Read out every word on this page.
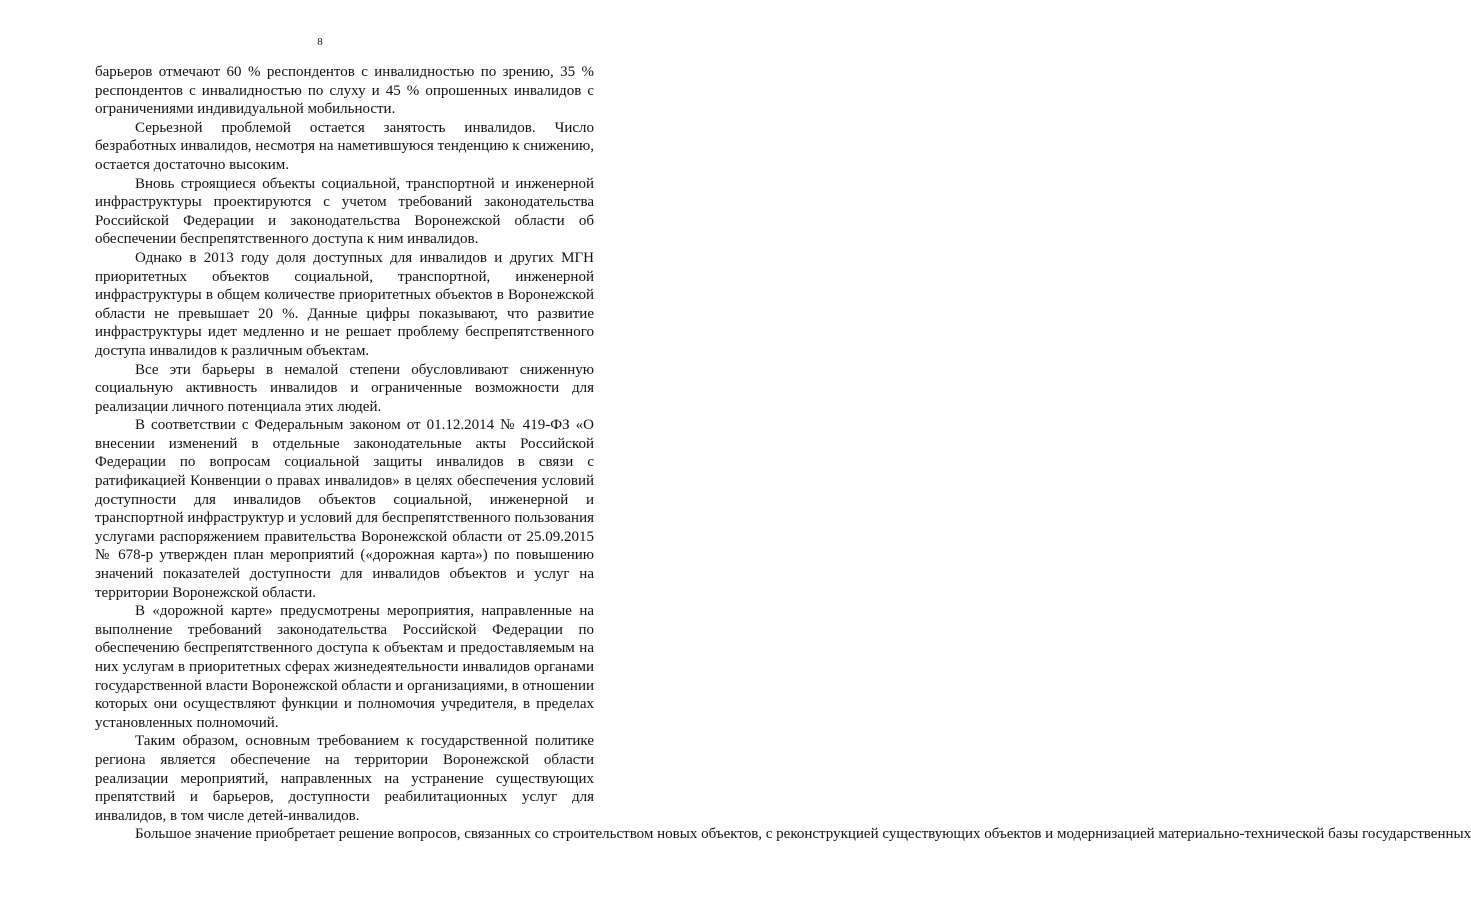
8

барьеров отмечают 60 % респондентов с инвалидностью по зрению, 35 % респондентов с инвалидностью по слуху и 45 % опрошенных инвалидов с ограничениями индивидуальной мобильности.

Серьезной проблемой остается занятость инвалидов. Число безработных инвалидов, несмотря на наметившуюся тенденцию к снижению, остается достаточно высоким.

Вновь строящиеся объекты социальной, транспортной и инженерной инфраструктуры проектируются с учетом требований законодательства Российской Федерации и законодательства Воронежской области об обеспечении беспрепятственного доступа к ним инвалидов.

Однако в 2013 году доля доступных для инвалидов и других МГН приоритетных объектов социальной, транспортной, инженерной инфраструктуры в общем количестве приоритетных объектов в Воронежской области не превышает 20 %. Данные цифры показывают, что развитие инфраструктуры идет медленно и не решает проблему беспрепятственного доступа инвалидов к различным объектам.

Все эти барьеры в немалой степени обусловливают сниженную социальную активность инвалидов и ограниченные возможности для реализации личного потенциала этих людей.

В соответствии с Федеральным законом от 01.12.2014 № 419-ФЗ «О внесении изменений в отдельные законодательные акты Российской Федерации по вопросам социальной защиты инвалидов в связи с ратификацией Конвенции о правах инвалидов» в целях обеспечения условий доступности для инвалидов объектов социальной, инженерной и транспортной инфраструктур и условий для беспрепятственного пользования услугами распоряжением правительства Воронежской области от 25.09.2015 № 678-р утвержден план мероприятий («дорожная карта») по повышению значений показателей доступности для инвалидов объектов и услуг на территории Воронежской области.

В «дорожной карте» предусмотрены мероприятия, направленные на выполнение требований законодательства Российской Федерации по обеспечению беспрепятственного доступа к объектам и предоставляемым на них услугам в приоритетных сферах жизнедеятельности инвалидов органами государственной власти Воронежской области и организациями, в отношении которых они осуществляют функции и полномочия учредителя, в пределах установленных полномочий.

Таким образом, основным требованием к государственной политике региона является обеспечение на территории Воронежской области реализации мероприятий, направленных на устранение существующих препятствий и барьеров, доступности реабилитационных услуг для инвалидов, в том числе детей-инвалидов.

Большое значение приобретает решение вопросов, связанных со строительством новых объектов, с реконструкцией существующих объектов и модернизацией материально-технической базы государственных
